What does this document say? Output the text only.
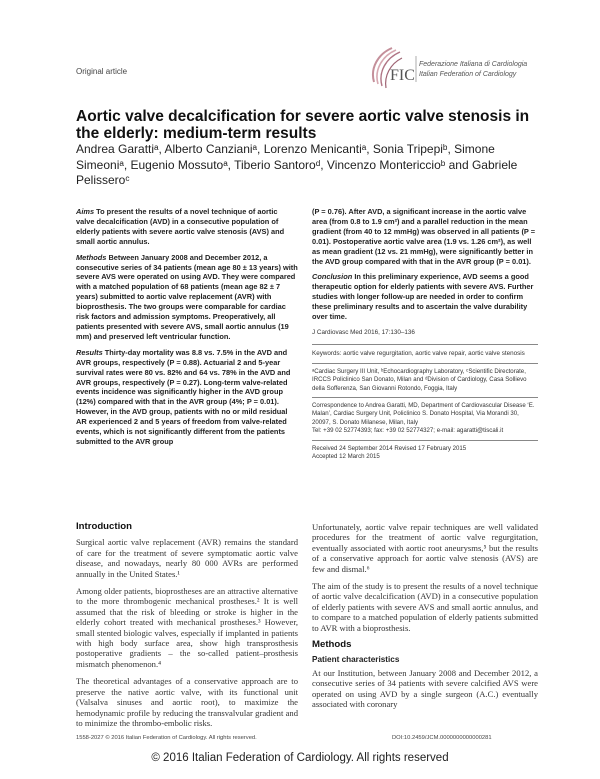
Original article	FIC
Federazione Italiana di Cardiologia
Italian Federation of Cardiology
Aortic valve decalcification for severe aortic valve stenosis in the elderly: medium-term results
Andrea Garattiᵃ, Alberto Canzianiᵃ, Lorenzo Menicantiᵃ, Sonia Tripepiᵇ, Simone Simeoniᵃ, Eugenio Mossutoᵃ, Tiberio Santoroᵈ, Vincenzo Montericcioᵇ and Gabriele Pelisseroᶜ

Aims To present the results of a novel technique of aortic valve decalcification (AVD) in a consecutive population of elderly patients with severe aortic valve stenosis (AVS) and small aortic annulus.

Methods Between January 2008 and December 2012, a consecutive series of 34 patients (mean age 80 ± 13 years) with severe AVS were operated on using AVD. They were compared with a matched population of 68 patients (mean age 82 ± 7 years) submitted to aortic valve replacement (AVR) with bioprosthesis. The two groups were comparable for cardiac risk factors and admission symptoms. Preoperatively, all patients presented with severe AVS, small aortic annulus (19 mm) and preserved left ventricular function.

Results Thirty-day mortality was 8.8 vs. 7.5% in the AVD and AVR groups, respectively (P = 0.88). Actuarial 2 and 5-year survival rates were 80 vs. 82% and 64 vs. 78% in the AVD and AVR groups, respectively (P = 0.27). Long-term valve-related events incidence was significantly higher in the AVD group (12%) compared with that in the AVR group (4%; P = 0.01). However, in the AVD group, patients with no or mild residual AR experienced 2 and 5 years of freedom from valve-related events, which is not significantly different from the patients submitted to the AVR group

(P = 0.76). After AVD, a significant increase in the aortic valve area (from 0.8 to 1.9 cm²) and a parallel reduction in the mean gradient (from 40 to 12 mmHg) was observed in all patients (P = 0.01). Postoperative aortic valve area (1.9 vs. 1.26 cm²), as well as mean gradient (12 vs. 21 mmHg), were significantly better in the AVD group compared with that in the AVR group (P = 0.01).

Conclusion In this preliminary experience, AVD seems a good therapeutic option for elderly patients with severe AVS. Further studies with longer follow-up are needed in order to confirm these preliminary results and to ascertain the valve durability over time.

J Cardiovasc Med 2016, 17:130–136
Keywords: aortic valve regurgitation, aortic valve repair, aortic valve stenosis
ᵃCardiac Surgery III Unit, ᵇEchocardiography Laboratory, ᶜScientific Directorate, IRCCS Policlinico San Donato, Milan and ᵈDivision of Cardiology, Casa Sollievo della Sofferenza, San Giovanni Rotondo, Foggia, Italy
Correspondence to Andrea Garatti, MD, Department of Cardiovascular Disease ‘E. Malan’, Cardiac Surgery Unit, Policlinico S. Donato Hospital, Via Morandi 30, 20097, S. Donato Milanese, Milan, Italy
Tel: +39 02 52774393; fax: +39 02 52774327; e-mail: agaratti@tiscali.it
Received 24 September 2014 Revised 17 February 2015
Accepted 12 March 2015
Introduction

Surgical aortic valve replacement (AVR) remains the standard of care for the treatment of severe symptomatic aortic valve disease, and nowadays, nearly 80 000 AVRs are performed annually in the United States.¹

Among older patients, bioprostheses are an attractive alternative to the more thrombogenic mechanical prostheses.² It is well assumed that the risk of bleeding or stroke is higher in the elderly cohort treated with mechanical prostheses.³ However, small stented biologic valves, especially if implanted in patients with high body surface area, show high transprosthesis postoperative gradients – the so-called patient–prosthesis mismatch phenomenon.⁴

The theoretical advantages of a conservative approach are to preserve the native aortic valve, with its functional unit (Valsalva sinuses and aortic root), to maximize the hemodynamic profile by reducing the transvalvular gradient and to minimize the thrombo-embolic risks.

Unfortunately, aortic valve repair techniques are well validated procedures for the treatment of aortic valve regurgitation, eventually associated with aortic root aneurysms,⁵ but the results of a conservative approach for aortic valve stenosis (AVS) are few and dismal.⁶

The aim of the study is to present the results of a novel technique of aortic valve decalcification (AVD) in a consecutive population of elderly patients with severe AVS and small aortic annulus, and to compare to a matched population of elderly patients submitted to AVR with a bioprosthesis.

Methods
Patient characteristics

At our Institution, between January 2008 and December 2012, a consecutive series of 34 patients with severe calcified AVS were operated on using AVD by a single surgeon (A.C.) eventually associated with coronary

1558-2027 © 2016 Italian Federation of Cardiology. All rights reserved.	DOI:10.2459/JCM.0000000000000281
© 2016 Italian Federation of Cardiology. All rights reserved
